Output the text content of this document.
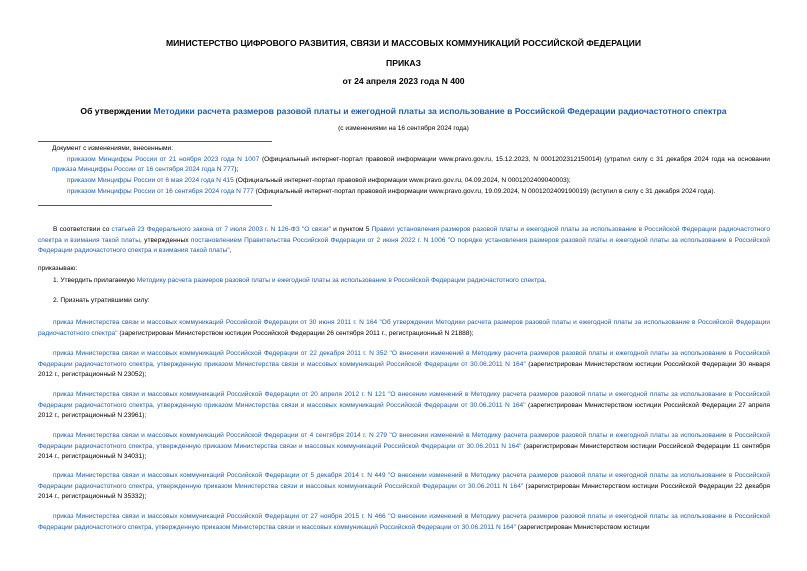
МИНИСТЕРСТВО ЦИФРОВОГО РАЗВИТИЯ, СВЯЗИ И МАССОВЫХ КОММУНИКАЦИЙ РОССИЙСКОЙ ФЕДЕРАЦИИ
ПРИКАЗ
от 24 апреля 2023 года N 400
Об утверждении Методики расчета размеров разовой платы и ежегодной платы за использование в Российской Федерации радиочастотного спектра
(с изменениями на 16 сентября 2024 года)

Документ с изменениями, внесенными:

приказом Минцифры России от 21 ноября 2023 года N 1007 (Официальный интернет-портал правовой информации www.pravo.gov.ru, 15.12.2023, N 0001202312150014) (утратил силу с 31 декабря 2024 года на основании приказа Минцифры России от 16 сентября 2024 года N 777);

приказом Минцифры России от 6 мая 2024 года N 415 (Официальный интернет-портал правовой информации www.pravo.gov.ru, 04.09.2024, N 0001202409040003);

приказом Минцифры России от 16 сентября 2024 года N 777 (Официальный интернет-портал правовой информации www.pravo.gov.ru, 19.09.2024, N 0001202409190019) (вступил в силу с 31 декабря 2024 года).

В соответствии со статьей 23 Федерального закона от 7 июля 2003 г. N 126-ФЗ "О связи" и пунктом 5 Правил установления размеров разовой платы и ежегодной платы за использование в Российской Федерации радиочастотного спектра и взимания такой платы, утвержденных постановлением Правительства Российской Федерации от 2 июня 2022 г. N 1006 "О порядке установления размеров разовой платы и ежегодной платы за использование в Российской Федерации радиочастотного спектра и взимания такой платы",
приказываю:
1. Утвердить прилагаемую Методику расчета размеров разовой платы и ежегодной платы за использование в Российской Федерации радиочастотного спектра.
2. Признать утратившими силу:
приказ Министерства связи и массовых коммуникаций Российской Федерации от 30 июня 2011 г. N 164 "Об утверждении Методики расчета размеров разовой платы и ежегодной платы за использование в Российской Федерации радиочастотного спектра" (зарегистрирован Министерством юстиции Российской Федерации 26 сентября 2011 г., регистрационный N 21888);
приказ Министерства связи и массовых коммуникаций Российской Федерации от 22 декабря 2011 г. N 352 "О внесении изменений в Методику расчета размеров разовой платы и ежегодной платы за использование в Российской Федерации радиочастотного спектра, утвержденную приказом Министерства связи и массовых коммуникаций Российской Федерации от 30.06.2011 N 164" (зарегистрирован Министерством юстиции Российской Федерации 30 января 2012 г., регистрационный N 23052);
приказ Министерства связи и массовых коммуникаций Российской Федерации от 20 апреля 2012 г. N 121 "О внесении изменений в Методику расчета размеров разовой платы и ежегодной платы за использование в Российской Федерации радиочастотного спектра, утвержденную приказом Министерства связи и массовых коммуникаций Российской Федерации от 30.06.2011 N 164" (зарегистрирован Министерством юстиции Российской Федерации 27 апреля 2012 г., регистрационный N 23961);
приказ Министерства связи и массовых коммуникаций Российской Федерации от 4 сентября 2014 г. N 279 "О внесении изменений в Методику расчета размеров разовой платы и ежегодной платы за использование в Российской Федерации радиочастотного спектра, утвержденную приказом Министерства связи и массовых коммуникаций Российской Федерации от 30.06.2011 N 164" (зарегистрирован Министерством юстиции Российской Федерации 11 сентября 2014 г., регистрационный N 34031);
приказ Министерства связи и массовых коммуникаций Российской Федерации от 5 декабря 2014 г. N 449 "О внесении изменений в Методику расчета размеров разовой платы и ежегодной платы за использование в Российской Федерации радиочастотного спектра, утвержденную приказом Министерства связи и массовых коммуникаций Российской Федерации от 30.06.2011 N 164" (зарегистрирован Министерством юстиции Российской Федерации 22 декабря 2014 г., регистрационный N 35332);
приказ Министерства связи и массовых коммуникаций Российской Федерации от 27 ноября 2015 г. N 466 "О внесении изменений в Методику расчета размеров разовой платы и ежегодной платы за использование в Российской Федерации радиочастотного спектра, утвержденную приказом Министерства связи и массовых коммуникаций Российской Федерации от 30.06.2011 N 164" (зарегистрирован Министерством юстиции
